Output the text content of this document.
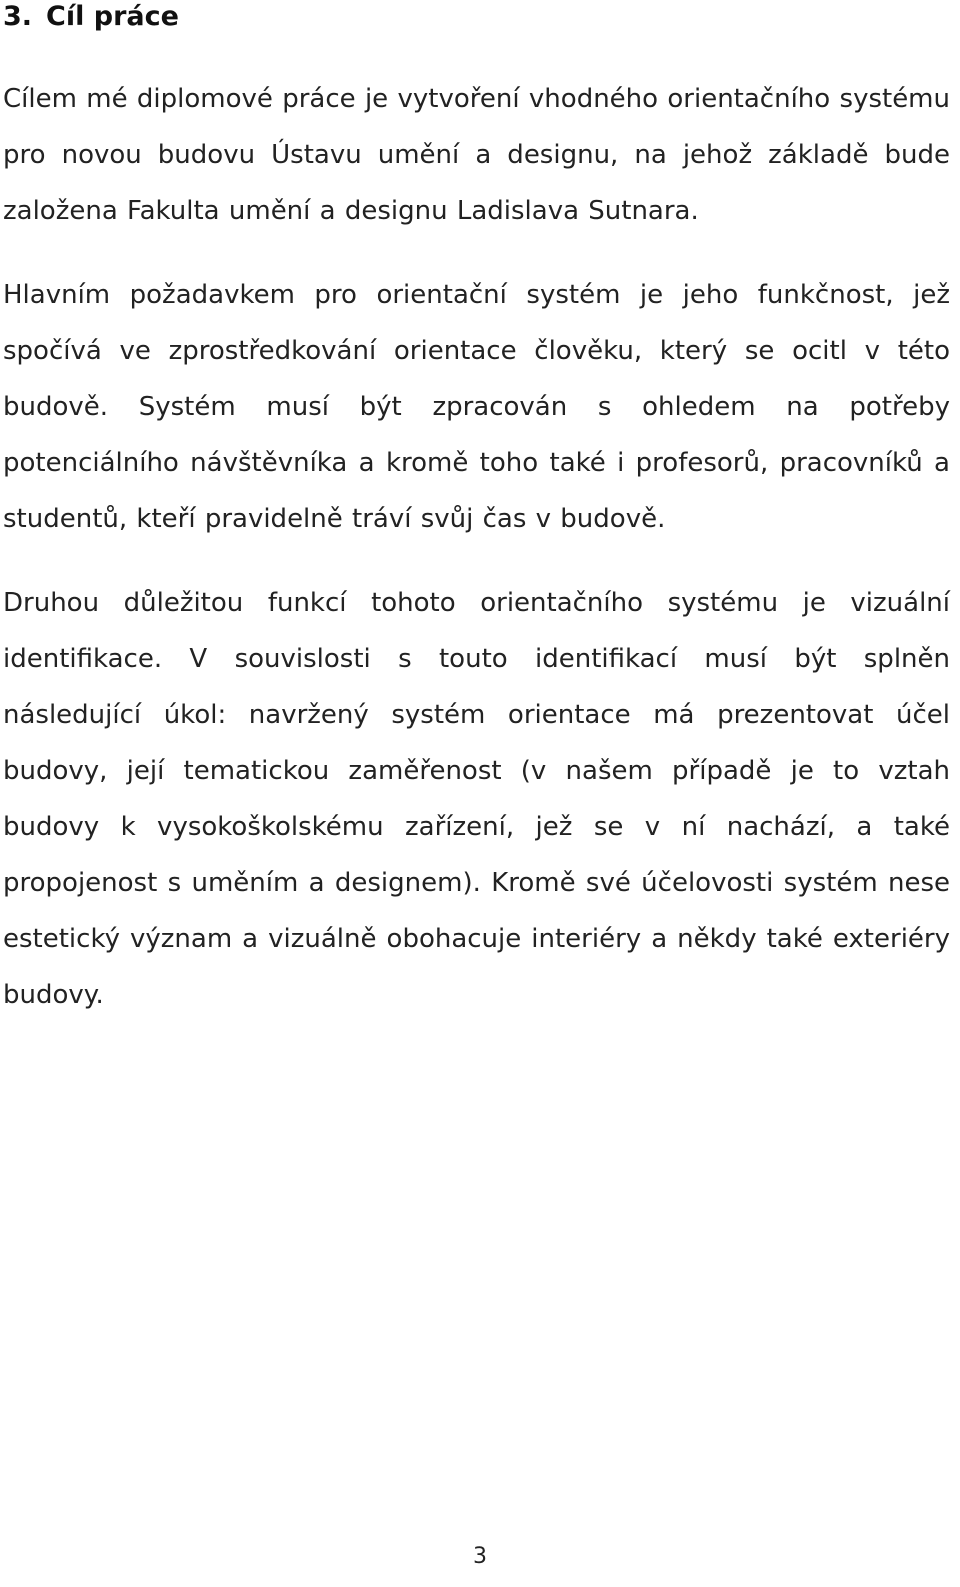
3. Cíl práce

Cílem mé diplomové práce je vytvoření vhodného orientačního systému pro novou budovu Ústavu umění a designu, na jehož základě bude založena Fakulta umění a designu Ladislava Sutnara.

Hlavním požadavkem pro orientační systém je jeho funkčnost, jež spočívá ve zprostředkování orientace člověku, který se ocitl v této budově. Systém musí být zpracován s ohledem na potřeby potenciálního návštěvníka a kromě toho také i profesorů, pracovníků a studentů, kteří pravidelně tráví svůj čas v budově.

Druhou důležitou funkcí tohoto orientačního systému je vizuální identifikace. V souvislosti s touto identifikací musí být splněn následující úkol: navržený systém orientace má prezentovat účel budovy, její tematickou zaměřenost (v našem případě je to vztah budovy k vysokoškolskému zařízení, jež se v ní nachází, a také propojenost s uměním a designem). Kromě své účelovosti systém nese estetický význam a vizuálně obohacuje interiéry a někdy také exteriéry budovy.

3
